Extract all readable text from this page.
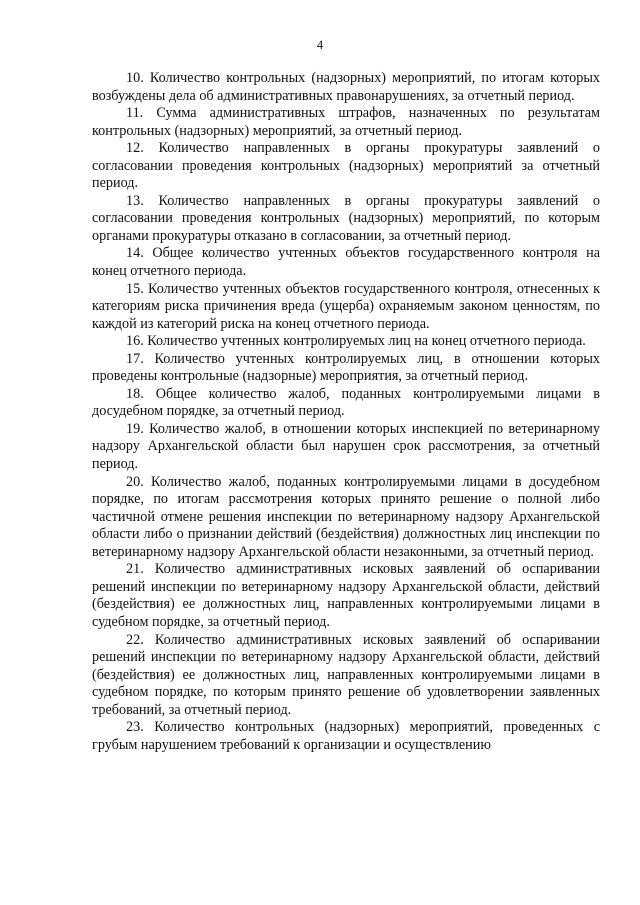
4

10. Количество контрольных (надзорных) мероприятий, по итогам которых возбуждены дела об административных правонарушениях, за отчетный период.

11. Сумма административных штрафов, назначенных по результатам контрольных (надзорных) мероприятий, за отчетный период.

12. Количество направленных в органы прокуратуры заявлений о согласовании проведения контрольных (надзорных) мероприятий за отчетный период.

13. Количество направленных в органы прокуратуры заявлений о согласовании проведения контрольных (надзорных) мероприятий, по которым органами прокуратуры отказано в согласовании, за отчетный период.

14. Общее количество учтенных объектов государственного контроля на конец отчетного периода.

15. Количество учтенных объектов государственного контроля, отнесенных к категориям риска причинения вреда (ущерба) охраняемым законом ценностям, по каждой из категорий риска на конец отчетного периода.

16. Количество учтенных контролируемых лиц на конец отчетного периода.

17. Количество учтенных контролируемых лиц, в отношении которых проведены контрольные (надзорные) мероприятия, за отчетный период.

18. Общее количество жалоб, поданных контролируемыми лицами в досудебном порядке, за отчетный период.

19. Количество жалоб, в отношении которых инспекцией по ветеринарному надзору Архангельской области был нарушен срок рассмотрения, за отчетный период.

20. Количество жалоб, поданных контролируемыми лицами в досудебном порядке, по итогам рассмотрения которых принято решение о полной либо частичной отмене решения инспекции по ветеринарному надзору Архангельской области либо о признании действий (бездействия) должностных лиц инспекции по ветеринарному надзору Архангельской области незаконными, за отчетный период.

21. Количество административных исковых заявлений об оспаривании решений инспекции по ветеринарному надзору Архангельской области, действий (бездействия) ее должностных лиц, направленных контролируемыми лицами в судебном порядке, за отчетный период.

22. Количество административных исковых заявлений об оспаривании решений инспекции по ветеринарному надзору Архангельской области, действий (бездействия) ее должностных лиц, направленных контролируемыми лицами в судебном порядке, по которым принято решение об удовлетворении заявленных требований, за отчетный период.

23. Количество контрольных (надзорных) мероприятий, проведенных с грубым нарушением требований к организации и осуществлению
